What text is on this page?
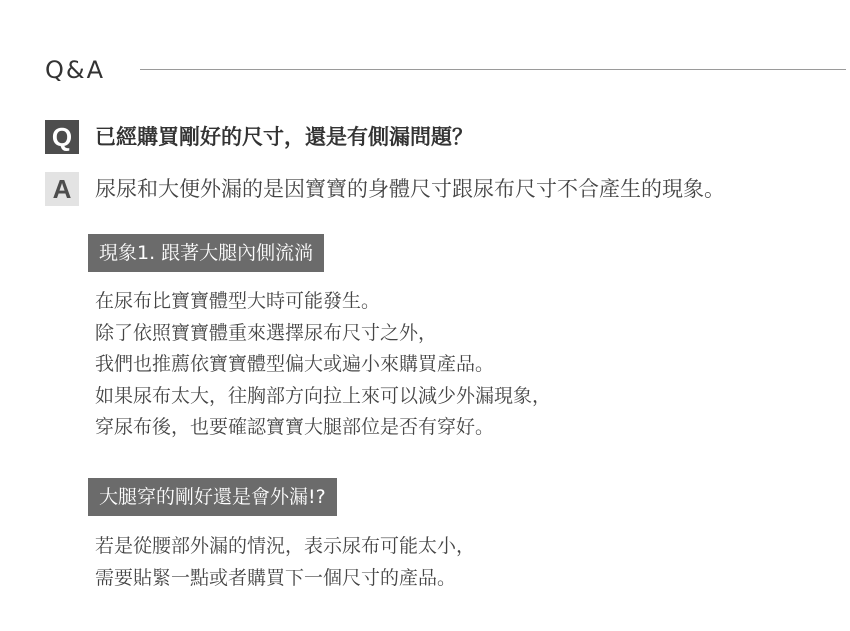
Q&A
Q	已經購買剛好的尺寸，還是有側漏問題？
A	尿尿和大便外漏的是因寶寶的身體尺寸跟尿布尺寸不合產生的現象。
現象1. 跟著大腿內側流淌
在尿布比寶寶體型大時可能發生。
除了依照寶寶體重來選擇尿布尺寸之外，
我們也推薦依寶寶體型偏大或遍小來購買產品。
如果尿布太大，往胸部方向拉上來可以減少外漏現象，
穿尿布後，也要確認寶寶大腿部位是否有穿好。
大腿穿的剛好還是會外漏!?
若是從腰部外漏的情況，表示尿布可能太小，
需要貼緊一點或者購買下一個尺寸的產品。
